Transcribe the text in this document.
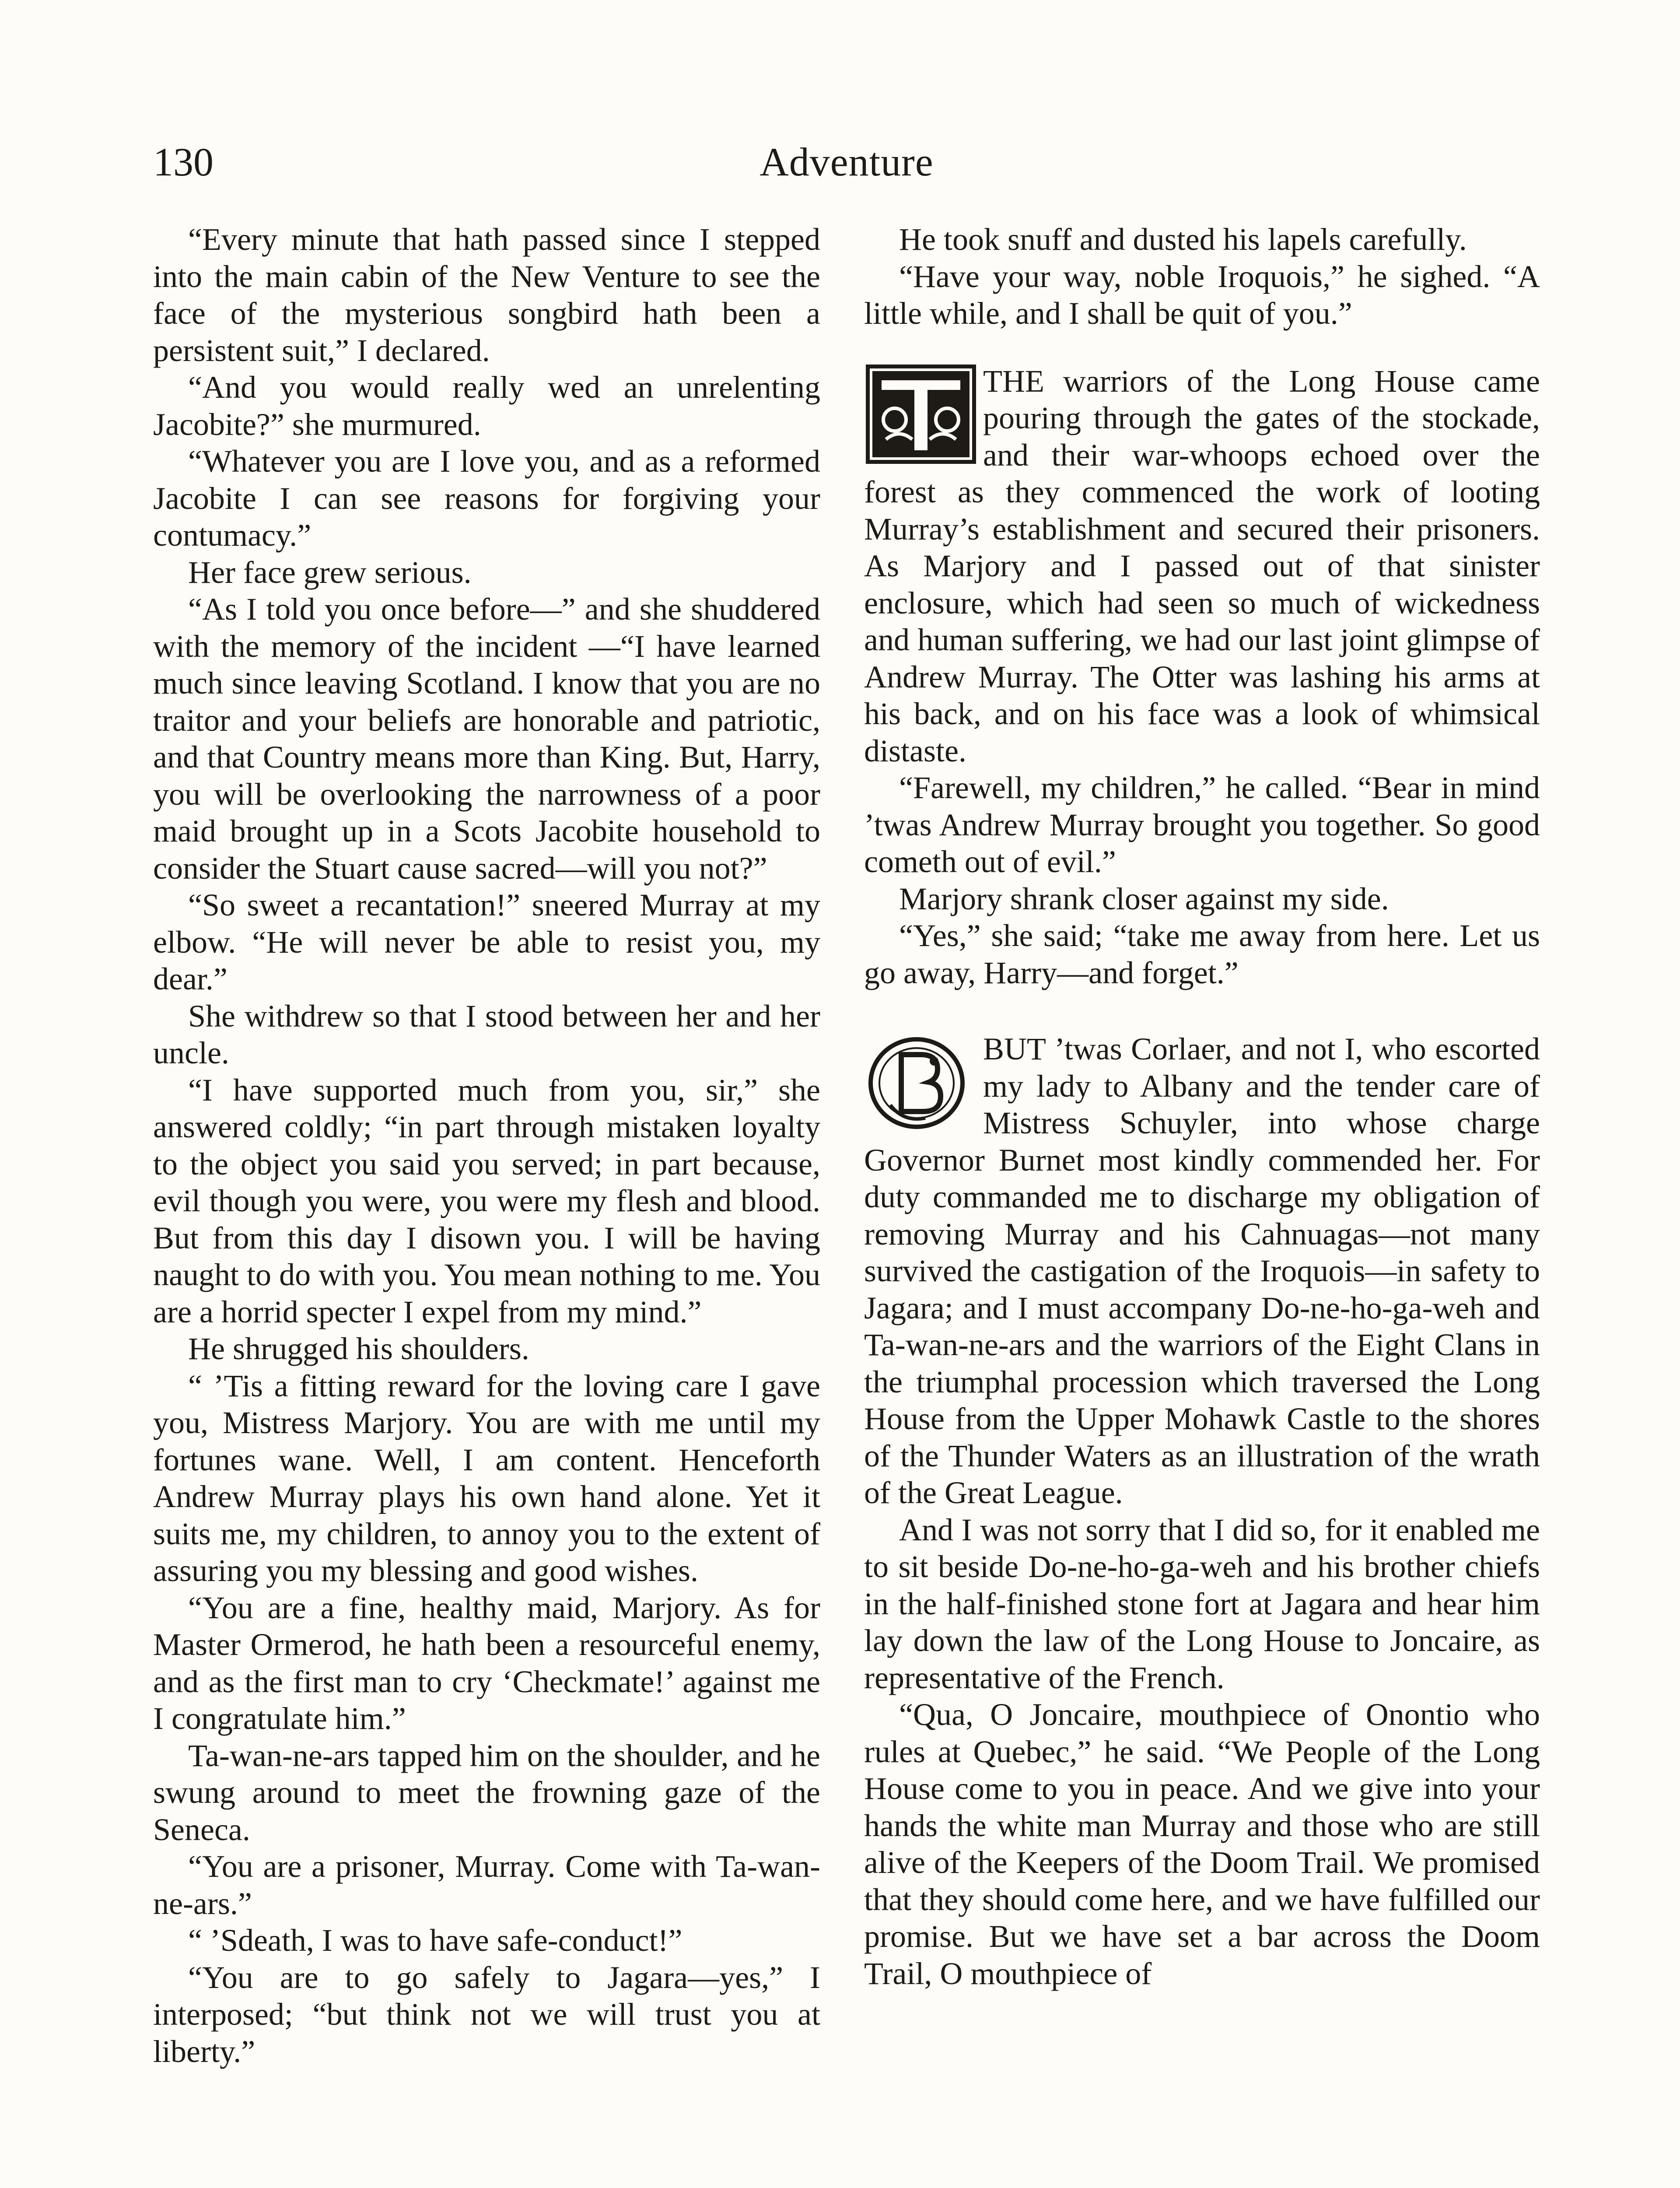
130	Adventure

“Every minute that hath passed since I stepped into the main cabin of the New Venture to see the face of the mysterious songbird hath been a persistent suit,” I declared.

“And you would really wed an unrelenting Jacobite?” she murmured.

“Whatever you are I love you, and as a reformed Jacobite I can see reasons for forgiving your contumacy.”

Her face grew serious.

“As I told you once before—” and she shuddered with the memory of the incident —“I have learned much since leaving Scotland. I know that you are no traitor and your beliefs are honorable and patriotic, and that Country means more than King. But, Harry, you will be overlooking the narrowness of a poor maid brought up in a Scots Jacobite household to consider the Stuart cause sacred—will you not?”

“So sweet a recantation!” sneered Murray at my elbow. “He will never be able to resist you, my dear.”

She withdrew so that I stood between her and her uncle.

“I have supported much from you, sir,” she answered coldly; “in part through mistaken loyalty to the object you said you served; in part because, evil though you were, you were my flesh and blood. But from this day I disown you. I will be having naught to do with you. You mean nothing to me. You are a horrid specter I expel from my mind.”

He shrugged his shoulders.

“ ’Tis a fitting reward for the loving care I gave you, Mistress Marjory. You are with me until my fortunes wane. Well, I am content. Henceforth Andrew Murray plays his own hand alone. Yet it suits me, my children, to annoy you to the extent of assuring you my blessing and good wishes.

“You are a fine, healthy maid, Marjory. As for Master Ormerod, he hath been a resourceful enemy, and as the first man to cry ‘Checkmate!’ against me I congratulate him.”

Ta-wan-ne-ars tapped him on the shoulder, and he swung around to meet the frowning gaze of the Seneca.

“You are a prisoner, Murray. Come with Ta-wan-ne-ars.”

“ ’Sdeath, I was to have safe-conduct!”

“You are to go safely to Jagara—yes,” I interposed; “but think not we will trust you at liberty.”

He took snuff and dusted his lapels carefully.

“Have your way, noble Iroquois,” he sighed. “A little while, and I shall be quit of you.”

THE warriors of the Long House came pouring through the gates of the stockade, and their war-whoops echoed over the forest as they commenced the work of looting Murray’s establishment and secured their prisoners. As Marjory and I passed out of that sinister enclosure, which had seen so much of wickedness and human suffering, we had our last joint glimpse of Andrew Murray. The Otter was lashing his arms at his back, and on his face was a look of whimsical distaste.

“Farewell, my children,” he called. “Bear in mind ’twas Andrew Murray brought you together. So good cometh out of evil.”

Marjory shrank closer against my side.

“Yes,” she said; “take me away from here. Let us go away, Harry—and forget.”

BUT ’twas Corlaer, and not I, who escorted my lady to Albany and the tender care of Mistress Schuyler, into whose charge Governor Burnet most kindly commended her. For duty commanded me to discharge my obligation of removing Murray and his Cahnuagas—not many survived the castigation of the Iroquois—in safety to Jagara; and I must accompany Do-ne-ho-ga-weh and Ta-wan-ne-ars and the warriors of the Eight Clans in the triumphal procession which traversed the Long House from the Upper Mohawk Castle to the shores of the Thunder Waters as an illustration of the wrath of the Great League.

And I was not sorry that I did so, for it enabled me to sit beside Do-ne-ho-ga-weh and his brother chiefs in the half-finished stone fort at Jagara and hear him lay down the law of the Long House to Joncaire, as representative of the French.

“Qua, O Joncaire, mouthpiece of Onontio who rules at Quebec,” he said. “We People of the Long House come to you in peace. And we give into your hands the white man Murray and those who are still alive of the Keepers of the Doom Trail. We promised that they should come here, and we have fulfilled our promise. But we have set a bar across the Doom Trail, O mouthpiece of
